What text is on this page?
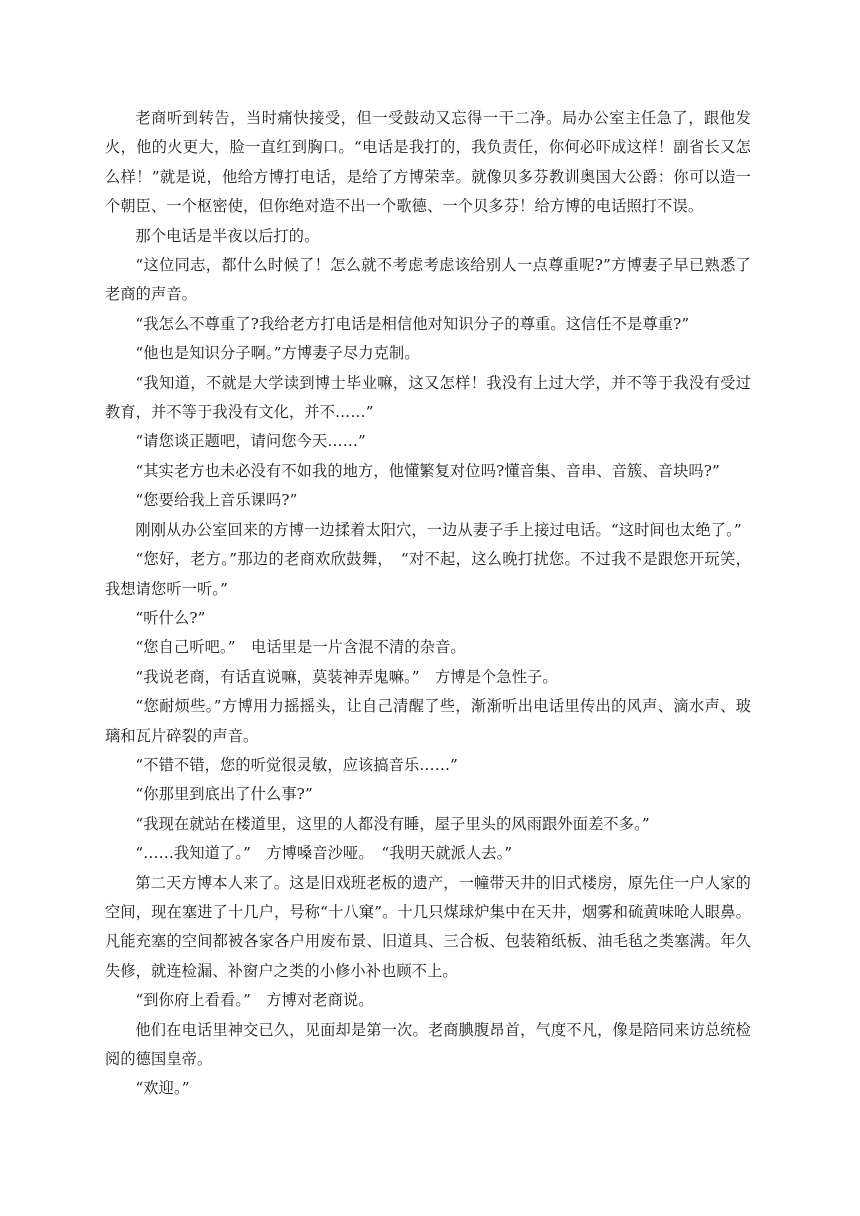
老商听到转告，当时痛快接受，但一受鼓动又忘得一干二净。局办公室主任急了，跟他发火，他的火更大，脸一直红到胸口。“电话是我打的，我负责任，你何必吓成这样！副省长又怎么样！”就是说，他给方博打电话，是给了方博荣幸。就像贝多芬教训奥国大公爵：你可以造一个朝臣、一个枢密使，但你绝对造不出一个歌德、一个贝多芬！给方博的电话照打不误。

那个电话是半夜以后打的。

“这位同志，都什么时候了！怎么就不考虑考虑该给别人一点尊重呢?”方博妻子早已熟悉了老商的声音。

“我怎么不尊重了?我给老方打电话是相信他对知识分子的尊重。这信任不是尊重?”

“他也是知识分子啊。”方博妻子尽力克制。

“我知道，不就是大学读到博士毕业嘛，这又怎样！我没有上过大学，并不等于我没有受过教育，并不等于我没有文化，并不……”

“请您谈正题吧，请问您今天……”

“其实老方也未必没有不如我的地方，他懂繁复对位吗?懂音集、音串、音簇、音块吗?”

“您要给我上音乐课吗?”

刚刚从办公室回来的方博一边揉着太阳穴，一边从妻子手上接过电话。“这时间也太绝了。”

“您好，老方。”那边的老商欢欣鼓舞，　“对不起，这么晚打扰您。不过我不是跟您开玩笑，我想请您听一听。”

“听什么?”

“您自己听吧。”　电话里是一片含混不清的杂音。

“我说老商，有话直说嘛，莫装神弄鬼嘛。”　方博是个急性子。

“您耐烦些。”方博用力摇摇头，让自己清醒了些，渐渐听出电话里传出的风声、滴水声、玻璃和瓦片碎裂的声音。

“不错不错，您的听觉很灵敏，应该搞音乐……”

“你那里到底出了什么事?”

“我现在就站在楼道里，这里的人都没有睡，屋子里头的风雨跟外面差不多。”

“……我知道了。”　方博嗓音沙哑。　“我明天就派人去。”

第二天方博本人来了。这是旧戏班老板的遗产，一幢带天井的旧式楼房，原先住一户人家的空间，现在塞进了十几户，号称“十八窠”。十几只煤球炉集中在天井，烟雾和硫黄味呛人眼鼻。凡能充塞的空间都被各家各户用废布景、旧道具、三合板、包装箱纸板、油毛毡之类塞满。年久失修，就连检漏、补窗户之类的小修小补也顾不上。

“到你府上看看。”　方博对老商说。

他们在电话里神交已久，见面却是第一次。老商腆腹昂首，气度不凡，像是陪同来访总统检阅的德国皇帝。

“欢迎。”
